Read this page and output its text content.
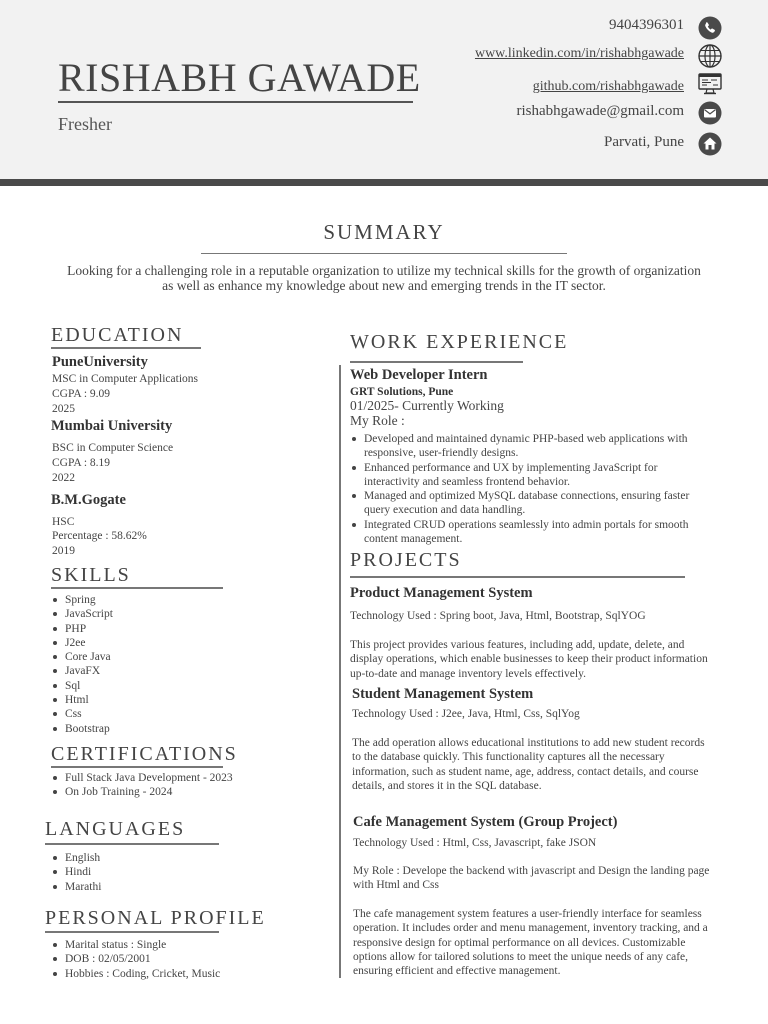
RISHABH GAWADE
Fresher
9404396301
www.linkedin.com/in/rishabhgawade
github.com/rishabhgawade
rishabhgawade@gmail.com
Parvati, Pune
SUMMARY
Looking for a challenging role in a reputable organization to utilize my technical skills for the growth of organization as well as enhance my knowledge about new and emerging trends in the IT sector.
EDUCATION
PuneUniversity
MSC in Computer Applications
CGPA : 9.09
2025
Mumbai University
BSC in Computer Science
CGPA : 8.19
2022
B.M.Gogate
HSC
Percentage : 58.62%
2019
SKILLS
Spring
JavaScript
PHP
J2ee
Core Java
JavaFX
Sql
Html
Css
Bootstrap
CERTIFICATIONS
Full Stack Java Development - 2023
On Job Training - 2024
LANGUAGES
English
Hindi
Marathi
PERSONAL PROFILE
Marital status : Single
DOB : 02/05/2001
Hobbies : Coding, Cricket, Music
WORK EXPERIENCE
Web Developer Intern
GRT Solutions, Pune
01/2025- Currently Working
My Role :
Developed and maintained dynamic PHP-based web applications with responsive, user-friendly designs.
Enhanced performance and UX by implementing JavaScript for interactivity and seamless frontend behavior.
Managed and optimized MySQL database connections, ensuring faster query execution and data handling.
Integrated CRUD operations seamlessly into admin portals for smooth content management.
PROJECTS
Product Management System
Technology Used : Spring boot, Java, Html, Bootstrap, SqlYOG
This project provides various features, including add, update, delete, and display operations, which enable businesses to keep their product information up-to-date and manage inventory levels effectively.
Student Management System
Technology Used : J2ee, Java, Html, Css, SqlYog
The add operation allows educational institutions to add new student records to the database quickly. This functionality captures all the necessary information, such as student name, age, address, contact details, and course details, and stores it in the SQL database.
Cafe Management System (Group Project)
Technology Used : Html, Css, Javascript, fake JSON
My Role : Develope the backend with javascript and Design the landing page with Html and Css
The cafe management system features a user-friendly interface for seamless operation. It includes order and menu management, inventory tracking, and a responsive design for optimal performance on all devices. Customizable options allow for tailored solutions to meet the unique needs of any cafe, ensuring efficient and effective management.
